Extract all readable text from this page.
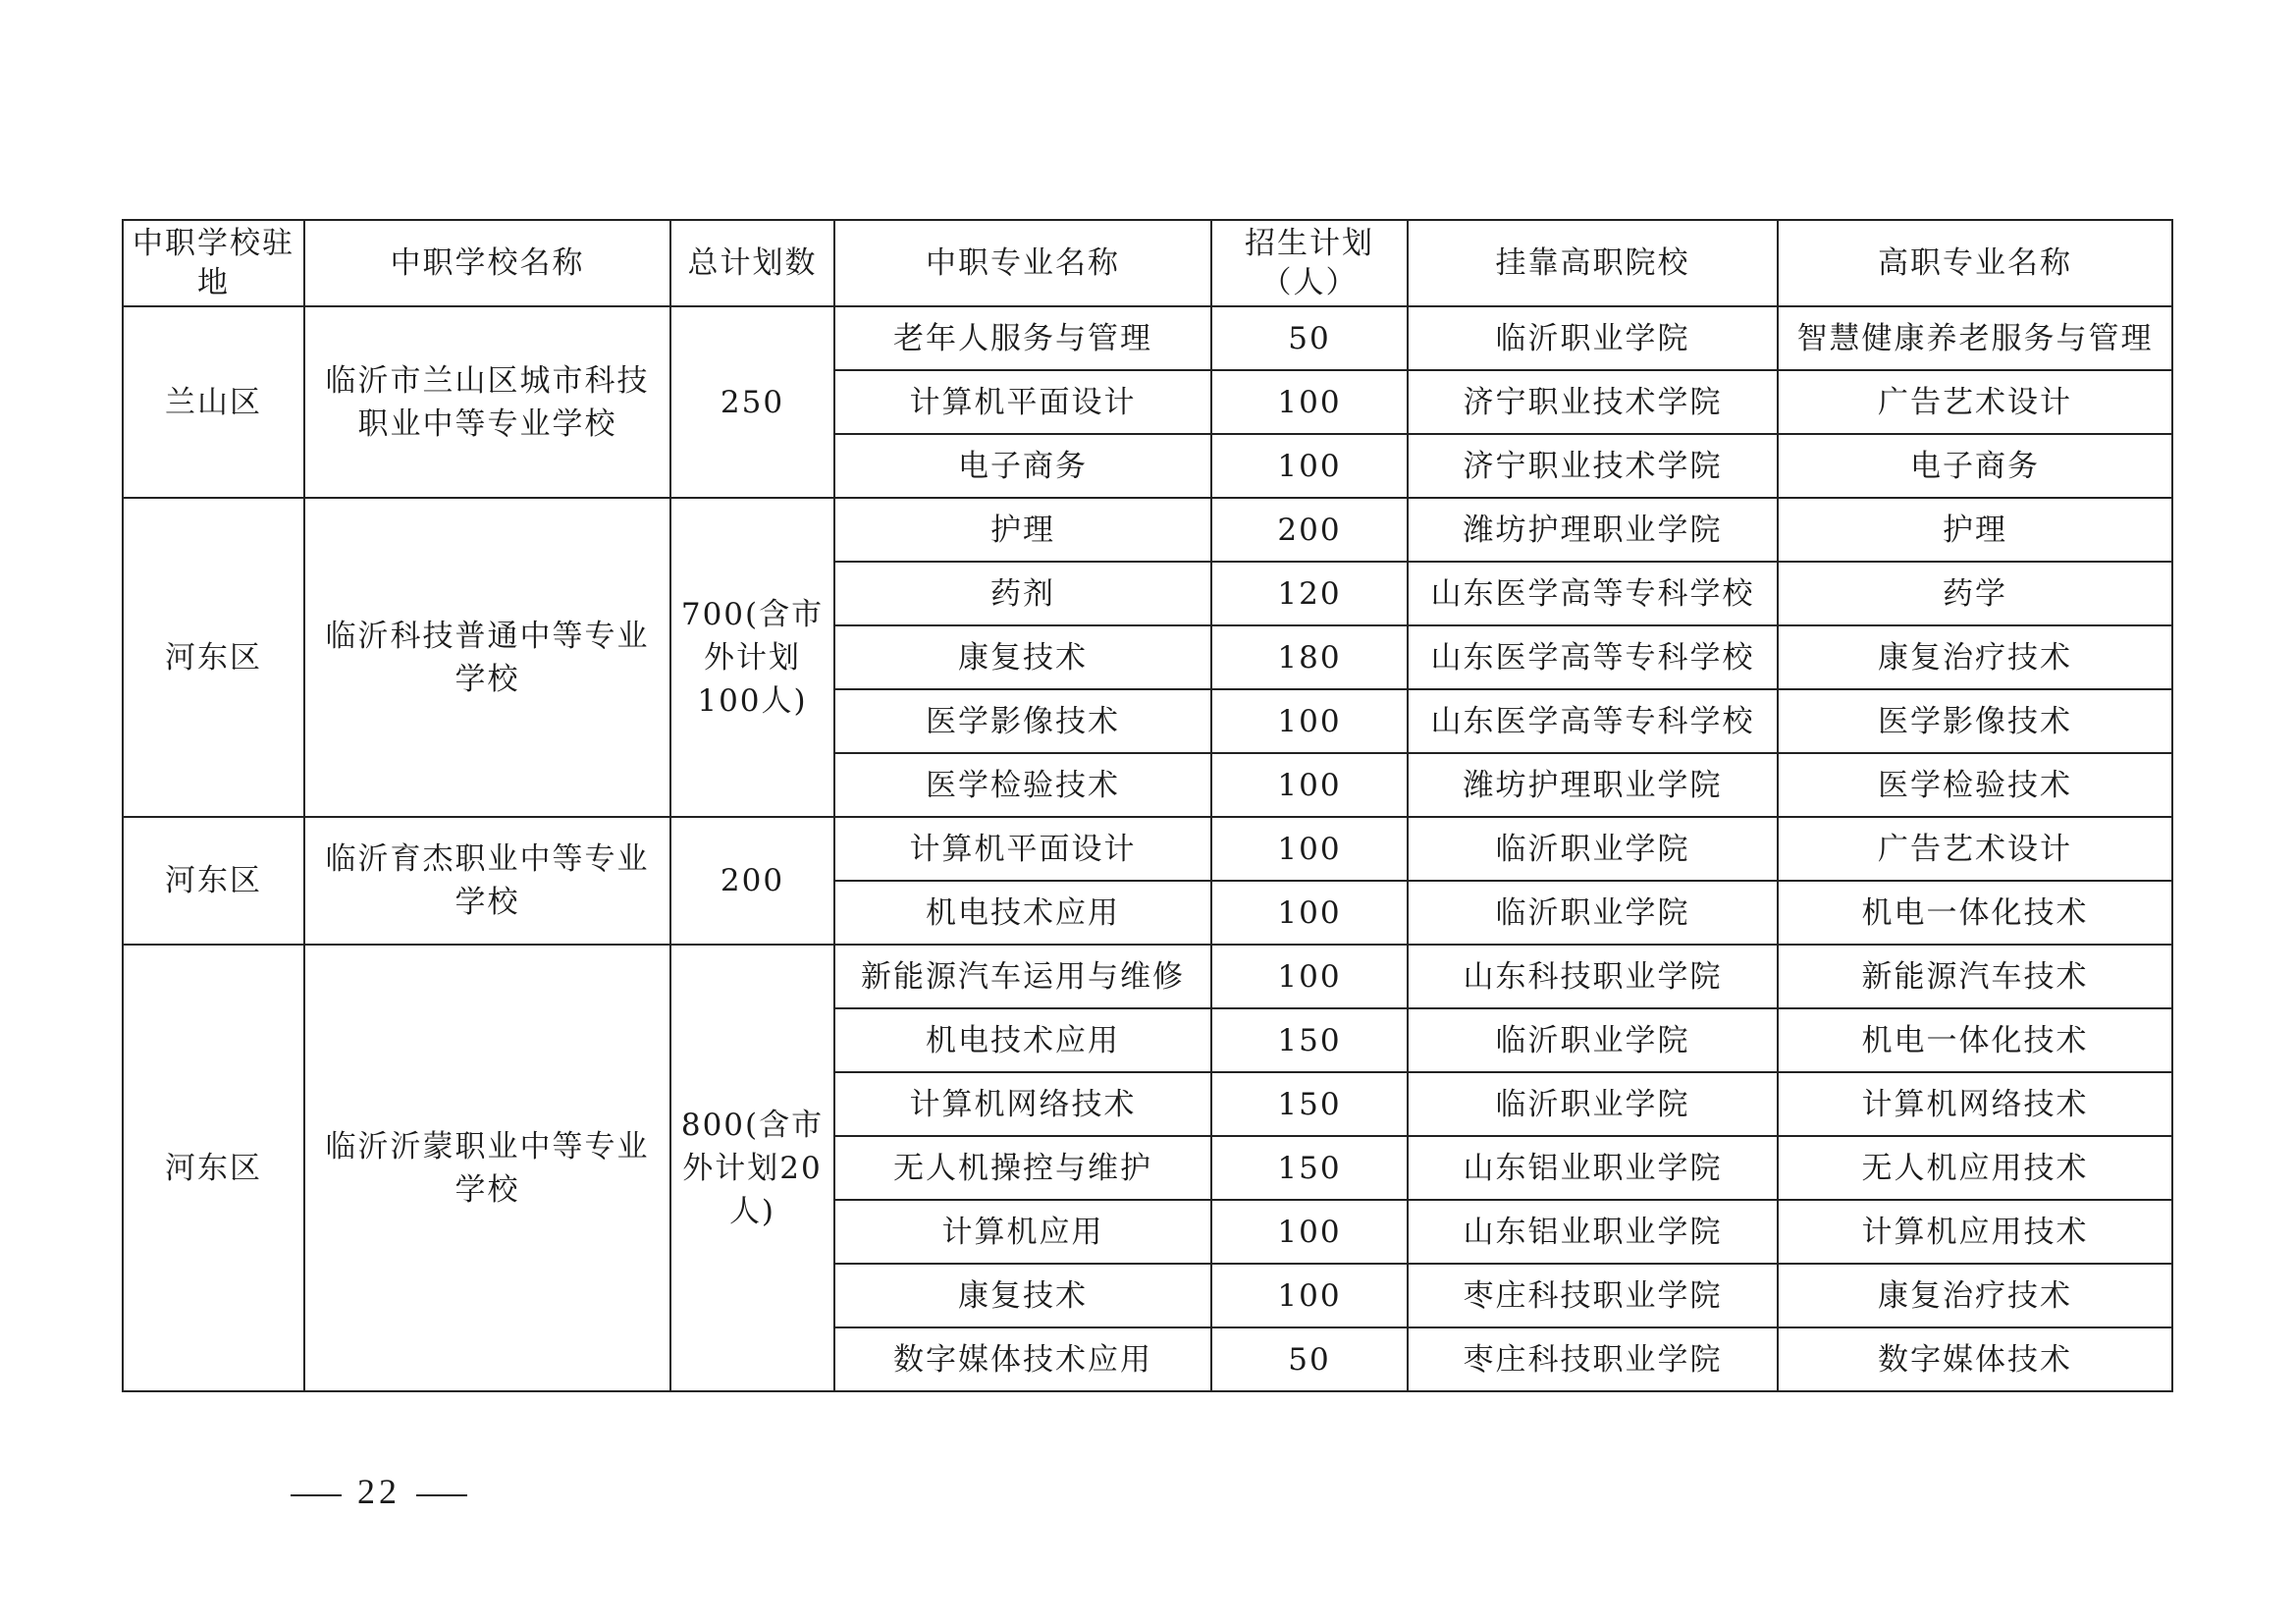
中职学校驻地	中职学校名称	总计划数	中职专业名称	招生计划（人）	挂靠高职院校	高职专业名称
兰山区	临沂市兰山区城市科技职业中等专业学校	250	老年人服务与管理	50	临沂职业学院	智慧健康养老服务与管理
			计算机平面设计	100	济宁职业技术学院	广告艺术设计
			电子商务	100	济宁职业技术学院	电子商务
河东区	临沂科技普通中等专业学校	700(含市外计划100人)	护理	200	潍坊护理职业学院	护理
			药剂	120	山东医学高等专科学校	药学
			康复技术	180	山东医学高等专科学校	康复治疗技术
			医学影像技术	100	山东医学高等专科学校	医学影像技术
			医学检验技术	100	潍坊护理职业学院	医学检验技术
河东区	临沂育杰职业中等专业学校	200	计算机平面设计	100	临沂职业学院	广告艺术设计
			机电技术应用	100	临沂职业学院	机电一体化技术
河东区	临沂沂蒙职业中等专业学校	800(含市外计划20人)	新能源汽车运用与维修	100	山东科技职业学院	新能源汽车技术
			机电技术应用	150	临沂职业学院	机电一体化技术
			计算机网络技术	150	临沂职业学院	计算机网络技术
			无人机操控与维护	150	山东铝业职业学院	无人机应用技术
			计算机应用	100	山东铝业职业学院	计算机应用技术
			康复技术	100	枣庄科技职业学院	康复治疗技术
			数字媒体技术应用	50	枣庄科技职业学院	数字媒体技术
22
